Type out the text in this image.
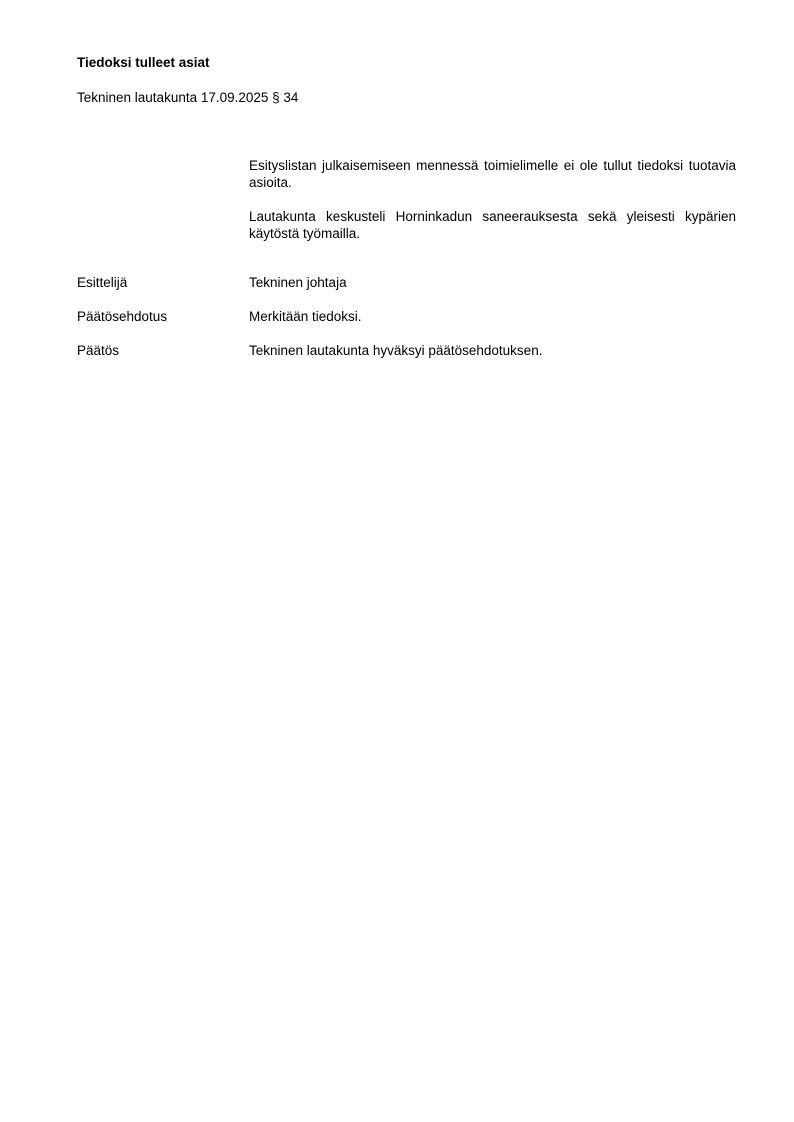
Tiedoksi tulleet asiat

Tekninen lautakunta 17.09.2025 § 34

Esityslistan julkaisemiseen mennessä toimielimelle ei ole tullut tiedoksi tuotavia asioita.

Lautakunta keskusteli Horninkadun saneerauksesta sekä yleisesti kypärien käytöstä työmailla.

Esittelijä	Tekninen johtaja

Päätösehdotus	Merkitään tiedoksi.

Päätös	Tekninen lautakunta hyväksyi päätösehdotuksen.
